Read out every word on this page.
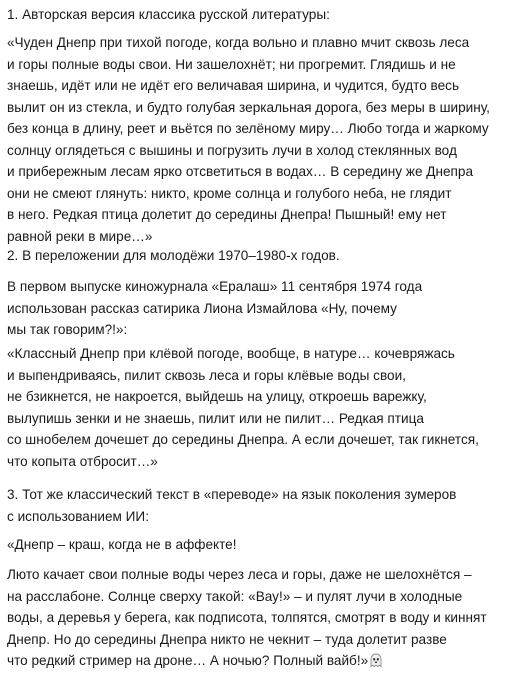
1. Авторская версия классика русской литературы:

«Чуден Днепр при тихой погоде, когда вольно и плавно мчит сквозь леса
и горы полные воды свои. Ни зашелохнёт; ни прогремит. Глядишь и не
знаешь, идёт или не идёт его величавая ширина, и чудится, будто весь
вылит он из стекла, и будто голубая зеркальная дорога, без меры в ширину,
без конца в длину, реет и вьётся по зелёному миру… Любо тогда и жаркому
солнцу оглядеться с вышины и погрузить лучи в холод стеклянных вод
и прибережным лесам ярко отсветиться в водах… В середину же Днепра
они не смеют глянуть: никто, кроме солнца и голубого неба, не глядит
в него. Редкая птица долетит до середины Днепра! Пышный! ему нет
равной реки в мире…»

2. В переложении для молодёжи 1970–1980-х годов.

В первом выпуске киножурнала «Ералаш» 11 сентября 1974 года
использован рассказ сатирика Лиона Измайлова «Ну, почему
мы так говорим?!»:

«Классный Днепр при клёвой погоде, вообще, в натуре… кочевряжась
и выпендриваясь, пилит сквозь леса и горы клёвые воды свои,
не бзикнется, не накроется, выйдешь на улицу, откроешь варежку,
вылупишь зенки и не знаешь, пилит или не пилит… Редкая птица
со шнобелем дочешет до середины Днепра. А если дочешет, так гикнется,
что копыта отбросит…»

3. Тот же классический текст в «переводе» на язык поколения зумеров
с использованием ИИ:

«Днепр – краш, когда не в аффекте!

Люто качает свои полные воды через леса и горы, даже не шелохнётся –
на расслабоне. Солнце сверху такой: «Вау!» – и пулят лучи в холодные
воды, а деревья у берега, как подписота, толпятся, смотрят в воду и киннят
Днепр. Но до середины Днепра никто не чекнит – туда долетит разве
что редкий стример на дроне… А ночью? Полный вайб!»
